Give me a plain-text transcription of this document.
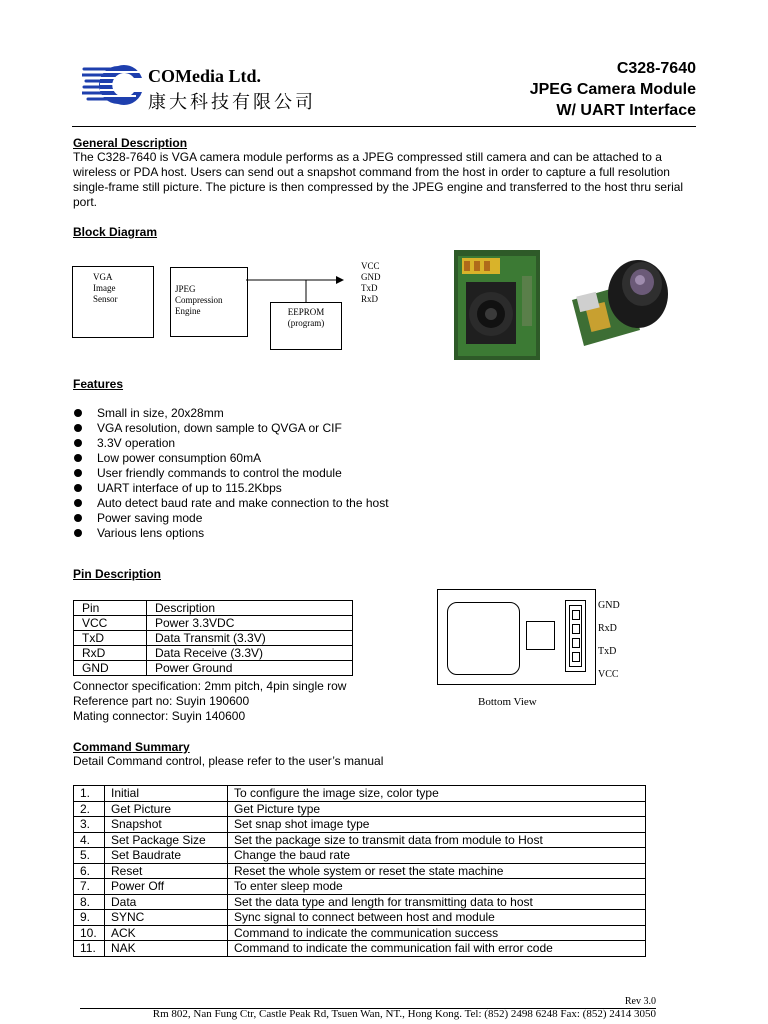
COMedia Ltd.
康大科技有限公司
C328-7640
JPEG Camera Module
W/ UART Interface
General Description
The C328-7640 is VGA camera module performs as a JPEG compressed still camera and can be attached to a wireless or PDA host. Users can send out a snapshot command from the host in order to capture a full resolution single-frame still picture. The picture is then compressed by the JPEG engine and transferred to the host thru serial port.
Block Diagram
VGA
Image
Sensor
JPEG
Compression
Engine	EEPROM
(program)
VCC
GND
TxD
RxD
Features
Small in size, 20x28mm
VGA resolution, down sample to QVGA or CIF
3.3V operation
Low power consumption 60mA
User friendly commands to control the module
UART interface of up to 115.2Kbps
Auto detect baud rate and make connection to the host
Power saving mode
Various lens options
Pin Description
Pin	Description
VCC	Power 3.3VDC
TxD	Data Transmit (3.3V)
RxD	Data Receive (3.3V)
GND	Power Ground
Connector specification: 2mm pitch, 4pin single row
Reference part no: Suyin 190600
Mating connector: Suyin 140600
GND
RxD
TxD
VCC
Bottom View
Command Summary
Detail Command control, please refer to the user’s manual
1.	Initial	To configure the image size, color type
2.	Get Picture	Get Picture type
3.	Snapshot	Set snap shot image type
4.	Set Package Size	Set the package size to transmit data from module to Host
5.	Set Baudrate	Change the baud rate
6.	Reset	Reset the whole system or reset the state machine
7.	Power Off	To enter sleep mode
8.	Data	Set the data type and length for transmitting data to host
9.	SYNC	Sync signal to connect between host and module
10.	ACK	Command to indicate the communication success
11.	NAK	Command to indicate the communication fail with error code
Rev 3.0
Rm 802, Nan Fung Ctr, Castle Peak Rd, Tsuen Wan, NT., Hong Kong. Tel: (852) 2498 6248 Fax: (852) 2414 3050
